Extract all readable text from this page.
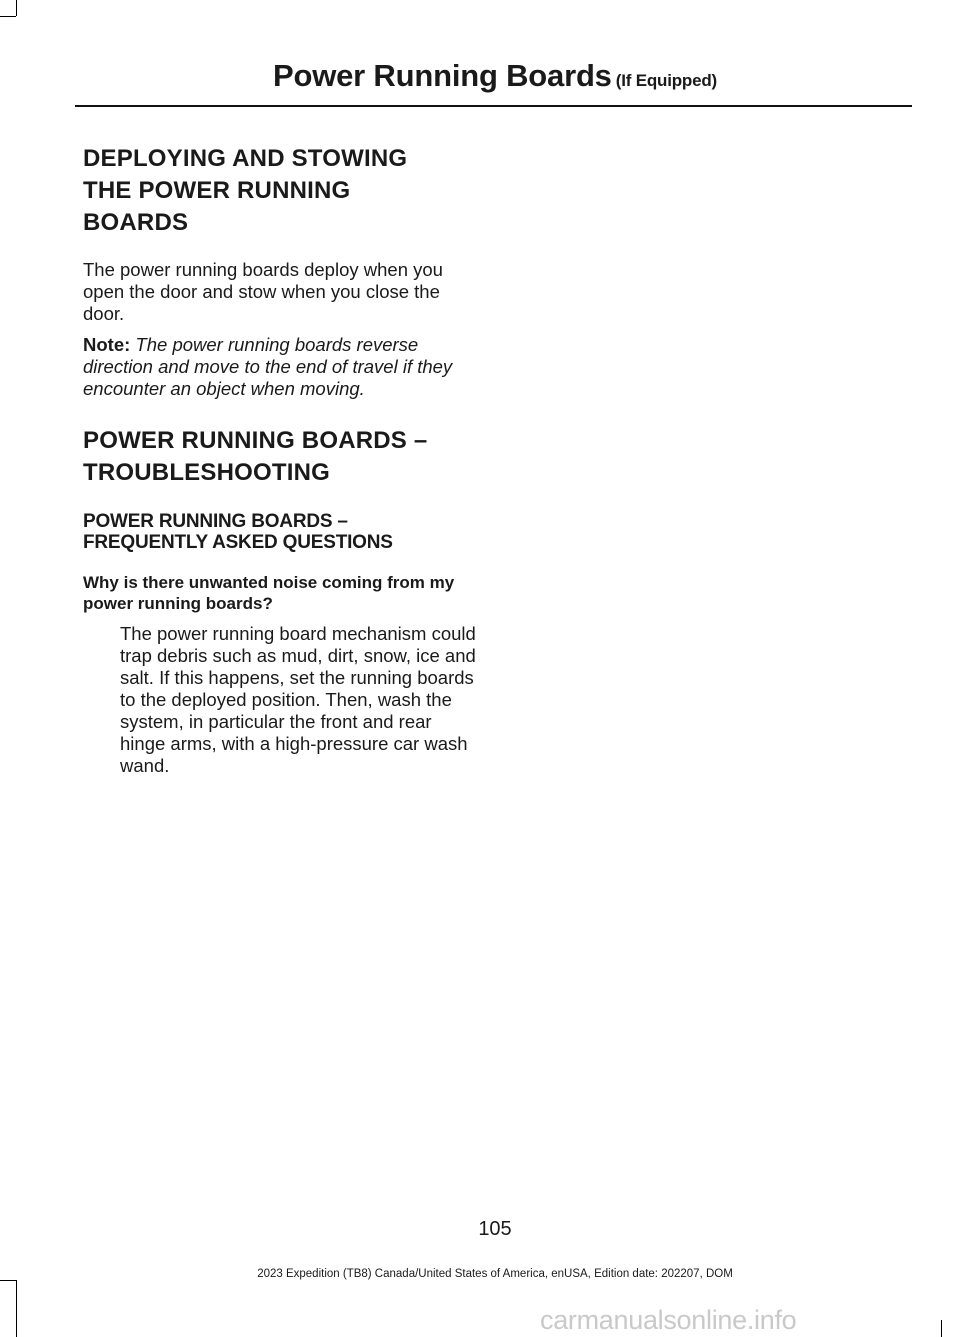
Power Running Boards (If Equipped)
DEPLOYING AND STOWING
THE POWER RUNNING
BOARDS

The power running boards deploy when you open the door and stow when you close the door.

Note: The power running boards reverse direction and move to the end of travel if they encounter an object when moving.

POWER RUNNING BOARDS –
TROUBLESHOOTING
POWER RUNNING BOARDS –
FREQUENTLY ASKED QUESTIONS
Why is there unwanted noise coming from my power running boards?

The power running board mechanism could trap debris such as mud, dirt, snow, ice and salt. If this happens, set the running boards to the deployed position. Then, wash the system, in particular the front and rear hinge arms, with a high-pressure car wash wand.

105
2023 Expedition (TB8) Canada/United States of America, enUSA, Edition date: 202207, DOM
carmanualsonline.info
